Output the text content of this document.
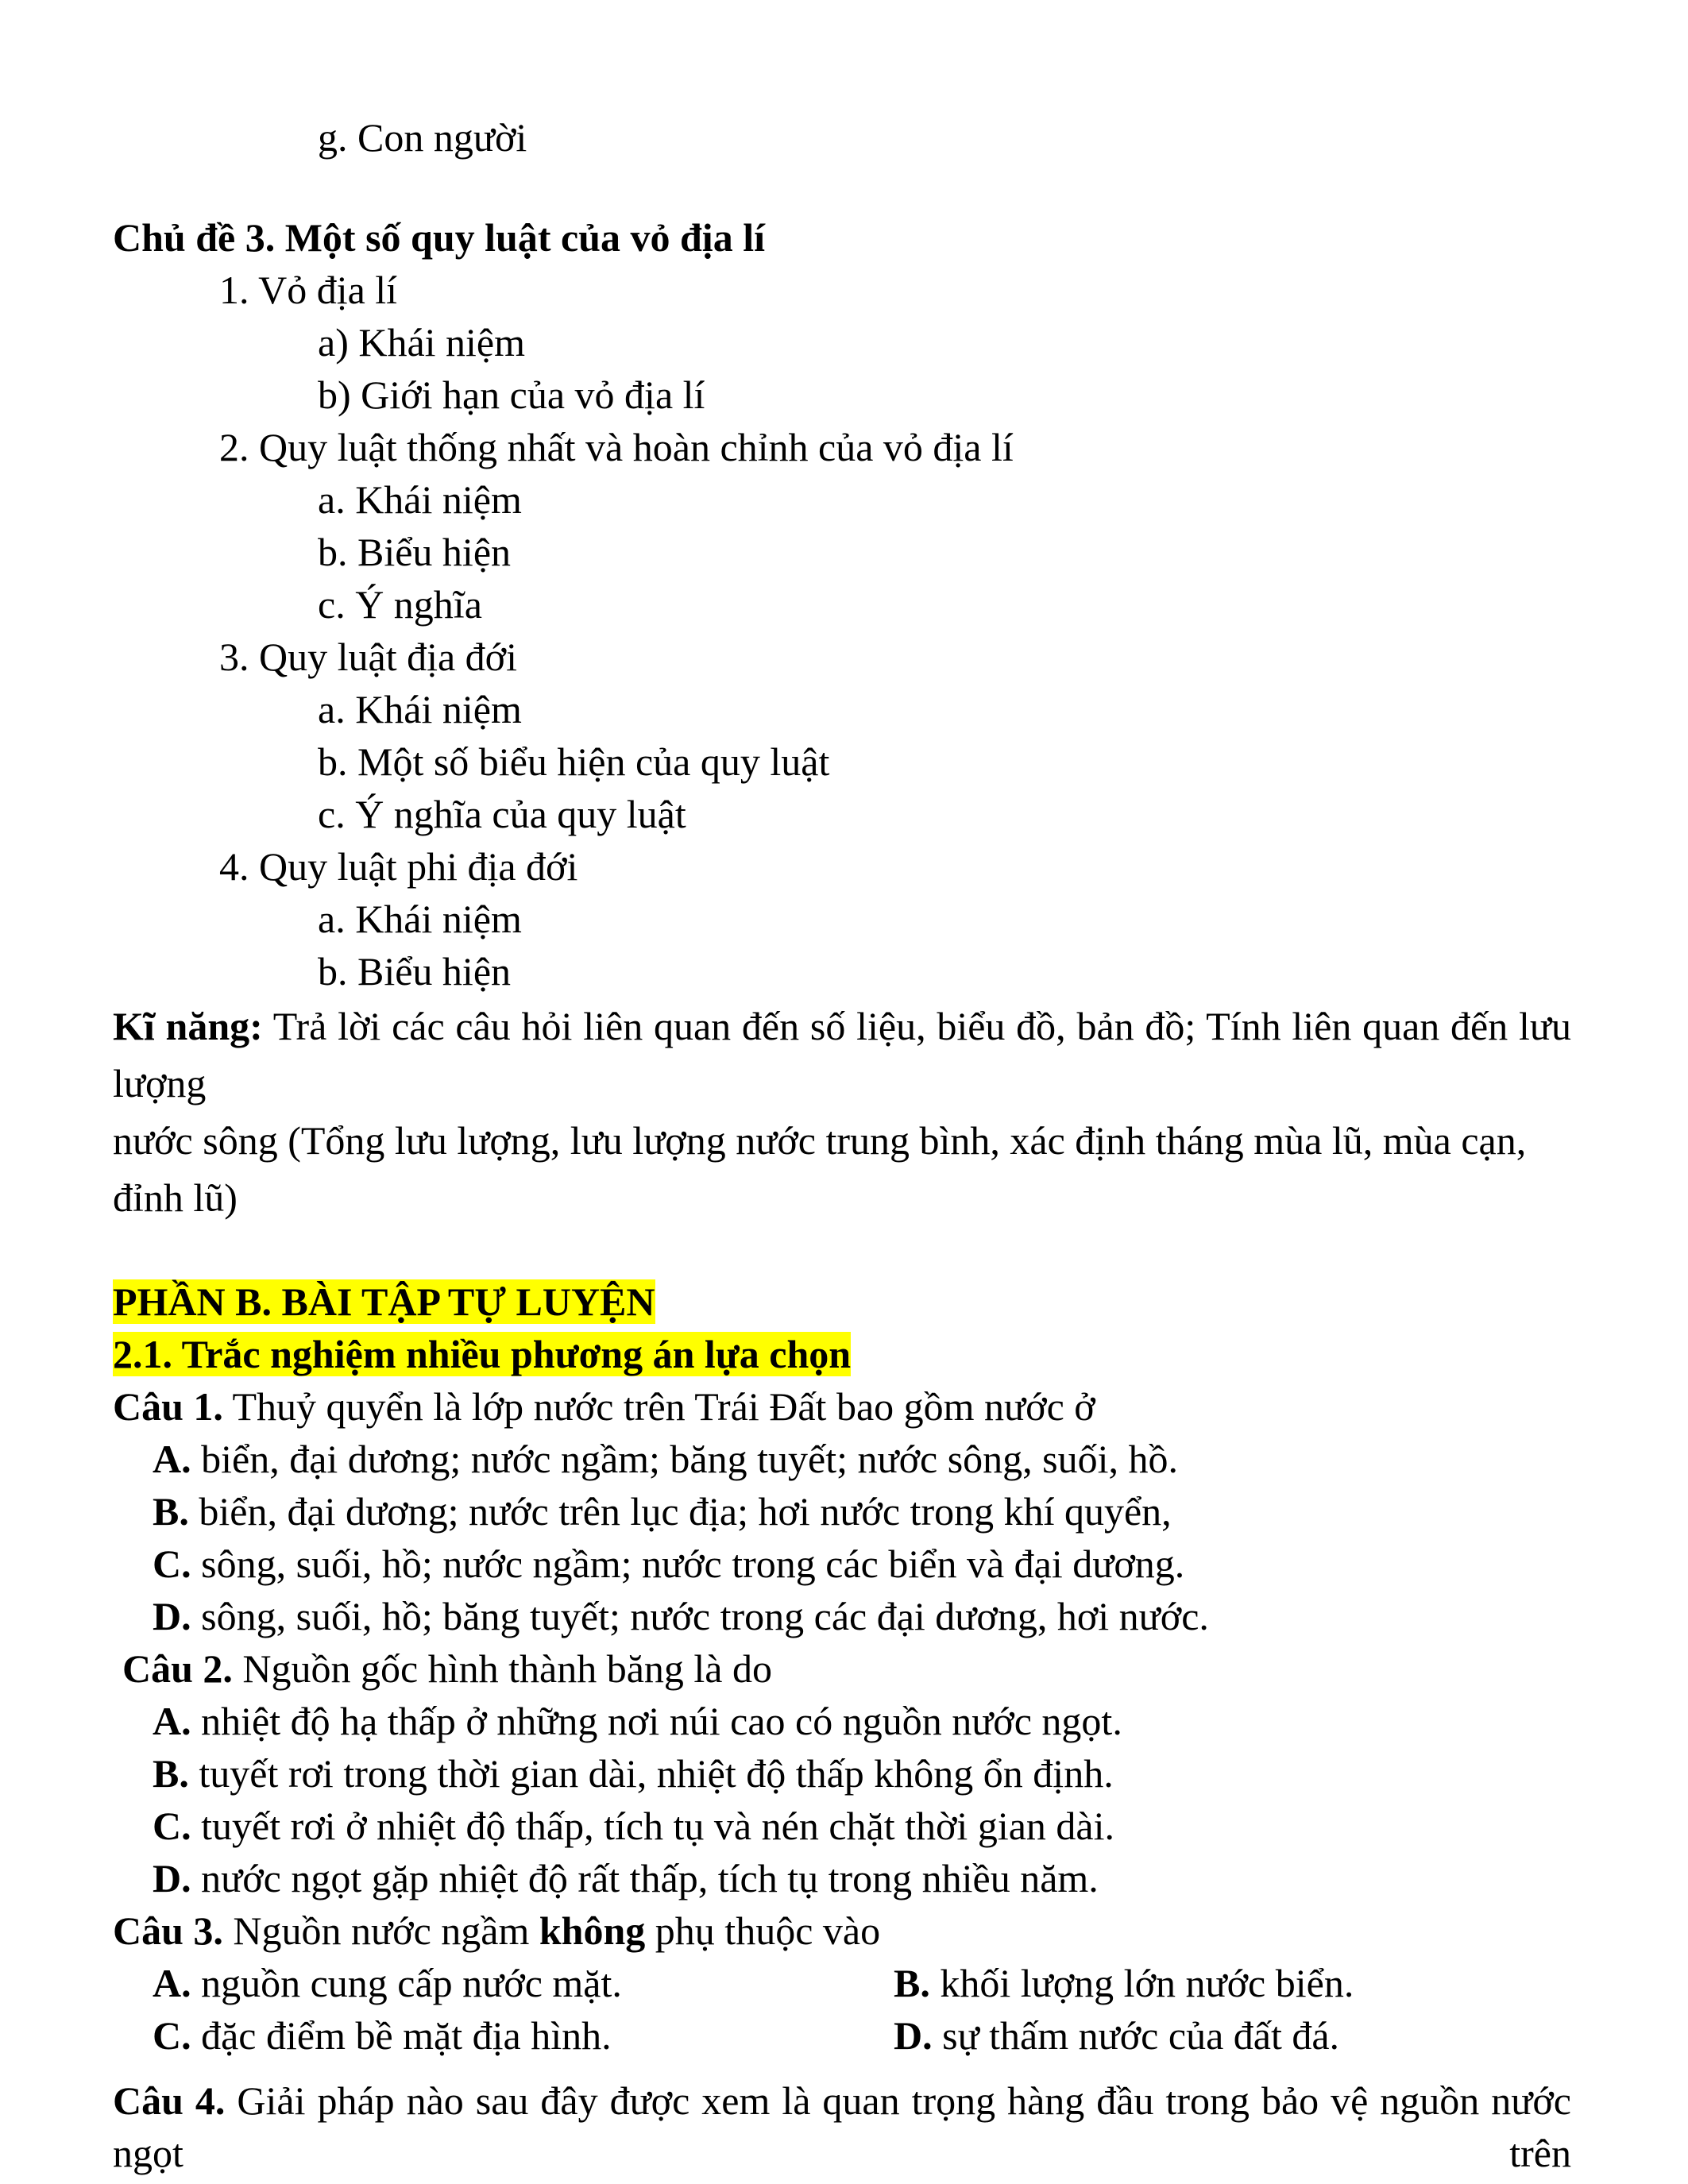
g. Con người
Chủ đề 3. Một số quy luật của vỏ địa lí
1. Vỏ địa lí
a) Khái niệm
b) Giới hạn của vỏ địa lí
2. Quy luật thống nhất và hoàn chỉnh của vỏ địa lí
a. Khái niệm
b. Biểu hiện
c. Ý nghĩa
3. Quy luật địa đới
a. Khái niệm
b. Một số biểu hiện của quy luật
c. Ý nghĩa của quy luật
4. Quy luật phi địa đới
a. Khái niệm
b. Biểu hiện
Kĩ năng: Trả lời các câu hỏi liên quan đến số liệu, biểu đồ, bản đồ; Tính liên quan đến lưu lượng
nước sông (Tổng lưu lượng, lưu lượng nước trung bình, xác định tháng mùa lũ, mùa cạn, đỉnh lũ)
PHẦN B. BÀI TẬP TỰ LUYỆN
2.1. Trắc nghiệm nhiều phương án lựa chọn
Câu 1. Thuỷ quyển là lớp nước trên Trái Đất bao gồm nước ở
A. biển, đại dương; nước ngầm; băng tuyết; nước sông, suối, hồ.
B. biển, đại dương; nước trên lục địa; hơi nước trong khí quyển,
C. sông, suối, hồ; nước ngầm; nước trong các biển và đại dương.
D. sông, suối, hồ; băng tuyết; nước trong các đại dương, hơi nước.
Câu 2. Nguồn gốc hình thành băng là do
A. nhiệt độ hạ thấp ở những nơi núi cao có nguồn nước ngọt.
B. tuyết rơi trong thời gian dài, nhiệt độ thấp không ổn định.
C. tuyết rơi ở nhiệt độ thấp, tích tụ và nén chặt thời gian dài.
D. nước ngọt gặp nhiệt độ rất thấp, tích tụ trong nhiều năm.
Câu 3. Nguồn nước ngầm không phụ thuộc vào
A. nguồn cung cấp nước mặt.	B. khối lượng lớn nước biển.
C. đặc điểm bề mặt địa hình.	D. sự thấm nước của đất đá.
Câu 4. Giải pháp nào sau đây được xem là quan trọng hàng đầu trong bảo vệ nguồn nước ngọt trên
